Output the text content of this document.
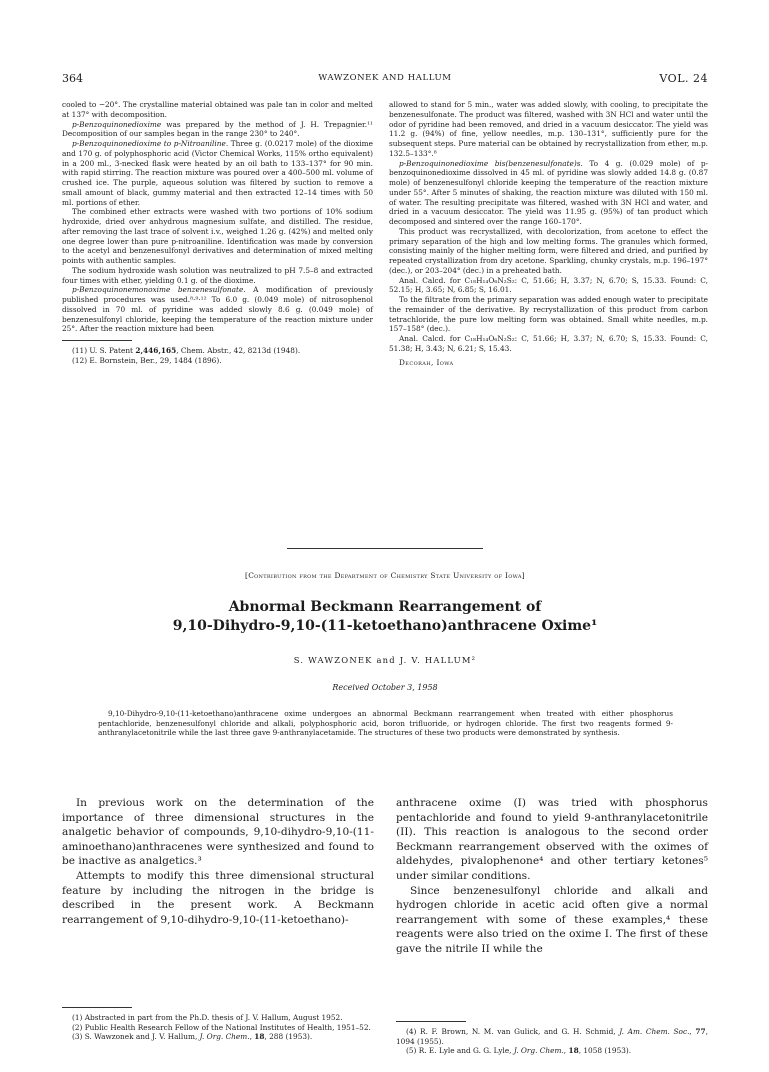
364	WAWZONEK AND HALLUM	VOL. 24

cooled to −20°. The crystalline material obtained was pale tan in color and melted at 137° with decomposition.

p-Benzoquinonedioxime was prepared by the method of J. H. Trepagnier.¹¹ Decomposition of our samples began in the range 230° to 240°.

p-Benzoquinonedioxime to p-Nitroaniline. Three g. (0.0217 mole) of the dioxime and 170 g. of polyphosphoric acid (Victor Chemical Works, 115% ortho equivalent) in a 200 ml., 3-necked flask were heated by an oil bath to 133–137° for 90 min. with rapid stirring. The reaction mixture was poured over a 400–500 ml. volume of crushed ice. The purple, aqueous solution was filtered by suction to remove a small amount of black, gummy material and then extracted 12–14 times with 50 ml. portions of ether.

The combined ether extracts were washed with two portions of 10% sodium hydroxide, dried over anhydrous magnesium sulfate, and distilled. The residue, after removing the last trace of solvent i.v., weighed 1.26 g. (42%) and melted only one degree lower than pure p-nitroaniline. Identification was made by conversion to the acetyl and benzenesulfonyl derivatives and determination of mixed melting points with authentic samples.

The sodium hydroxide wash solution was neutralized to pH 7.5–8 and extracted four times with ether, yielding 0.1 g. of the dioxime.

p-Benzoquinonemonoxime benzenesulfonate. A modification of previously published procedures was used.⁸·⁹·¹² To 6.0 g. (0.049 mole) of nitrosophenol dissolved in 70 ml. of pyridine was added slowly 8.6 g. (0.049 mole) of benzenesulfonyl chloride, keeping the temperature of the reaction mixture under 25°. After the reaction mixture had been

(11) U. S. Patent 2,446,165, Chem. Abstr., 42, 8213d (1948).

(12) E. Bornstein, Ber., 29, 1484 (1896).

allowed to stand for 5 min., water was added slowly, with cooling, to precipitate the benzenesulfonate. The product was filtered, washed with 3N HCl and water until the odor of pyridine had been removed, and dried in a vacuum desiccator. The yield was 11.2 g. (94%) of fine, yellow needles, m.p. 130–131°, sufficiently pure for the subsequent steps. Pure material can be obtained by recrystallization from ether, m.p. 132.5–133°.⁸

p-Benzoquinonedioxime bis(benzenesulfonate)s. To 4 g. (0.029 mole) of p-benzoquinonedioxime dissolved in 45 ml. of pyridine was slowly added 14.8 g. (0.87 mole) of benzenesulfonyl chloride keeping the temperature of the reaction mixture under 55°. After 5 minutes of shaking, the reaction mixture was diluted with 150 ml. of water. The resulting precipitate was filtered, washed with 3N HCl and water, and dried in a vacuum desiccator. The yield was 11.95 g. (95%) of tan product which decomposed and sintered over the range 160–170°.

This product was recrystallized, with decolorization, from acetone to effect the primary separation of the high and low melting forms. The granules which formed, consisting mainly of the higher melting form, were filtered and dried, and purified by repeated crystallization from dry acetone. Sparkling, chunky crystals, m.p. 196–197° (dec.), or 203–204° (dec.) in a preheated bath.

Anal. Calcd. for C₁₈H₁₄O₆N₂S₂: C, 51.66; H, 3.37; N, 6.70; S, 15.33. Found: C, 52.15; H, 3.65; N, 6.85; S, 16.01.

To the filtrate from the primary separation was added enough water to precipitate the remainder of the derivative. By recrystallization of this product from carbon tetrachloride, the pure low melting form was obtained. Small white needles, m.p. 157–158° (dec.).

Anal. Calcd. for C₁₈H₁₄O₆N₂S₂: C, 51.66; H, 3.37; N, 6.70; S, 15.33. Found: C, 51.38; H, 3.43; N, 6.21; S, 15.43.

Decorah, Iowa

[Contribution from the Department of Chemistry State University of Iowa]
Abnormal Beckmann Rearrangement of
9,10-Dihydro-9,10-(11-ketoethano)anthracene Oxime¹
S. WAWZONEK and J. V. HALLUM²
Received October 3, 1958

9,10-Dihydro-9,10-(11-ketoethano)anthracene oxime undergoes an abnormal Beckmann rearrangement when treated with either phosphorus pentachloride, benzenesulfonyl chloride and alkali, polyphosphoric acid, boron trifluoride, or hydrogen chloride. The first two reagents formed 9-anthranylacetonitrile while the last three gave 9-anthranylacetamide. The structures of these two products were demonstrated by synthesis.

In previous work on the determination of the importance of three dimensional structures in the analgetic behavior of compounds, 9,10-dihydro-9,10-(11-aminoethano)anthracenes were synthesized and found to be inactive as analgetics.³

Attempts to modify this three dimensional structural feature by including the nitrogen in the bridge is described in the present work. A Beckmann rearrangement of 9,10-dihydro-9,10-(11-ketoethano)-

anthracene oxime (I) was tried with phosphorus pentachloride and found to yield 9-anthranylacetonitrile (II). This reaction is analogous to the second order Beckmann rearrangement observed with the oximes of aldehydes, pivalophenone⁴ and other tertiary ketones⁵ under similar conditions.

Since benzenesulfonyl chloride and alkali and hydrogen chloride in acetic acid often give a normal rearrangement with some of these examples,⁴ these reagents were also tried on the oxime I. The first of these gave the nitrile II while the

(1) Abstracted in part from the Ph.D. thesis of J. V. Hallum, August 1952.

(2) Public Health Research Fellow of the National Institutes of Health, 1951–52.

(3) S. Wawzonek and J. V. Hallum, J. Org. Chem., 18, 288 (1953).

(4) R. F. Brown, N. M. van Gulick, and G. H. Schmid, J. Am. Chem. Soc., 77, 1094 (1955).

(5) R. E. Lyle and G. G. Lyle, J. Org. Chem., 18, 1058 (1953).
